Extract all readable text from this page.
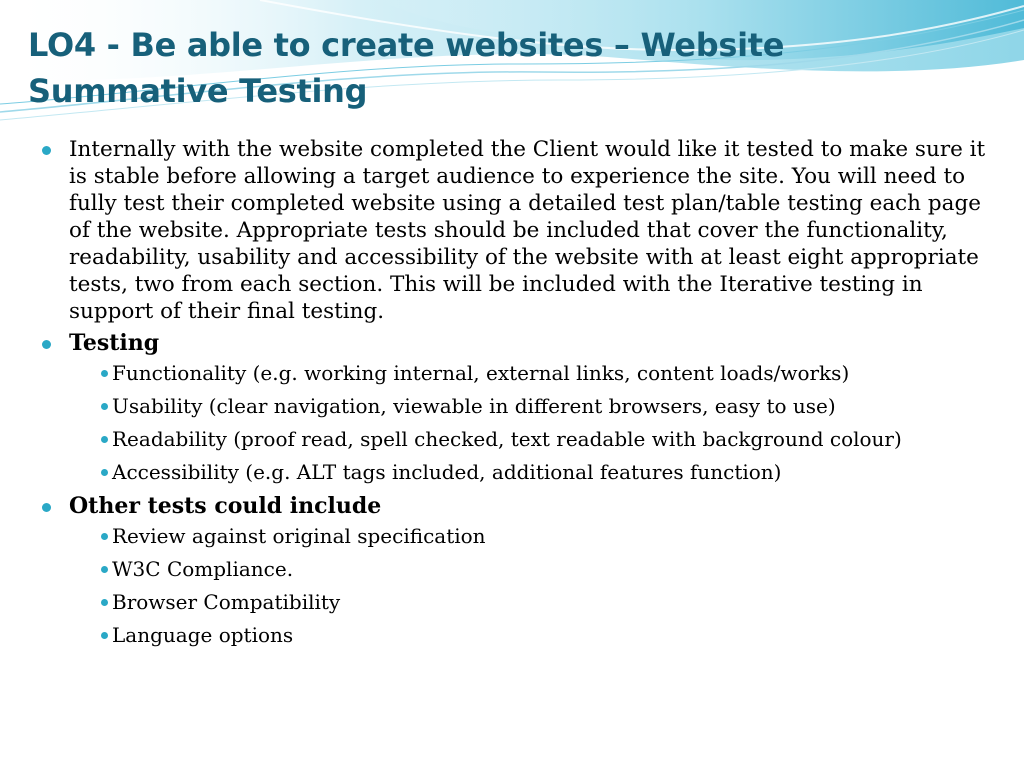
LO4 - Be able to create websites – Website
Summative Testing
Internally with the website completed the Client would like it tested to make sure it is stable before allowing a target audience to experience the site. You will need to fully test their completed website using a detailed test plan/table testing each page of the website. Appropriate tests should be included that cover the functionality, readability, usability and accessibility of the website with at least eight appropriate tests, two from each section. This will be included with the Iterative testing in support of their final testing.
Testing
Functionality (e.g. working internal, external links, content loads/works)
Usability (clear navigation, viewable in different browsers, easy to use)
Readability (proof read, spell checked, text readable with background colour)
Accessibility (e.g. ALT tags included, additional features function)
Other tests could include
Review against original specification
W3C Compliance.
Browser Compatibility
Language options
